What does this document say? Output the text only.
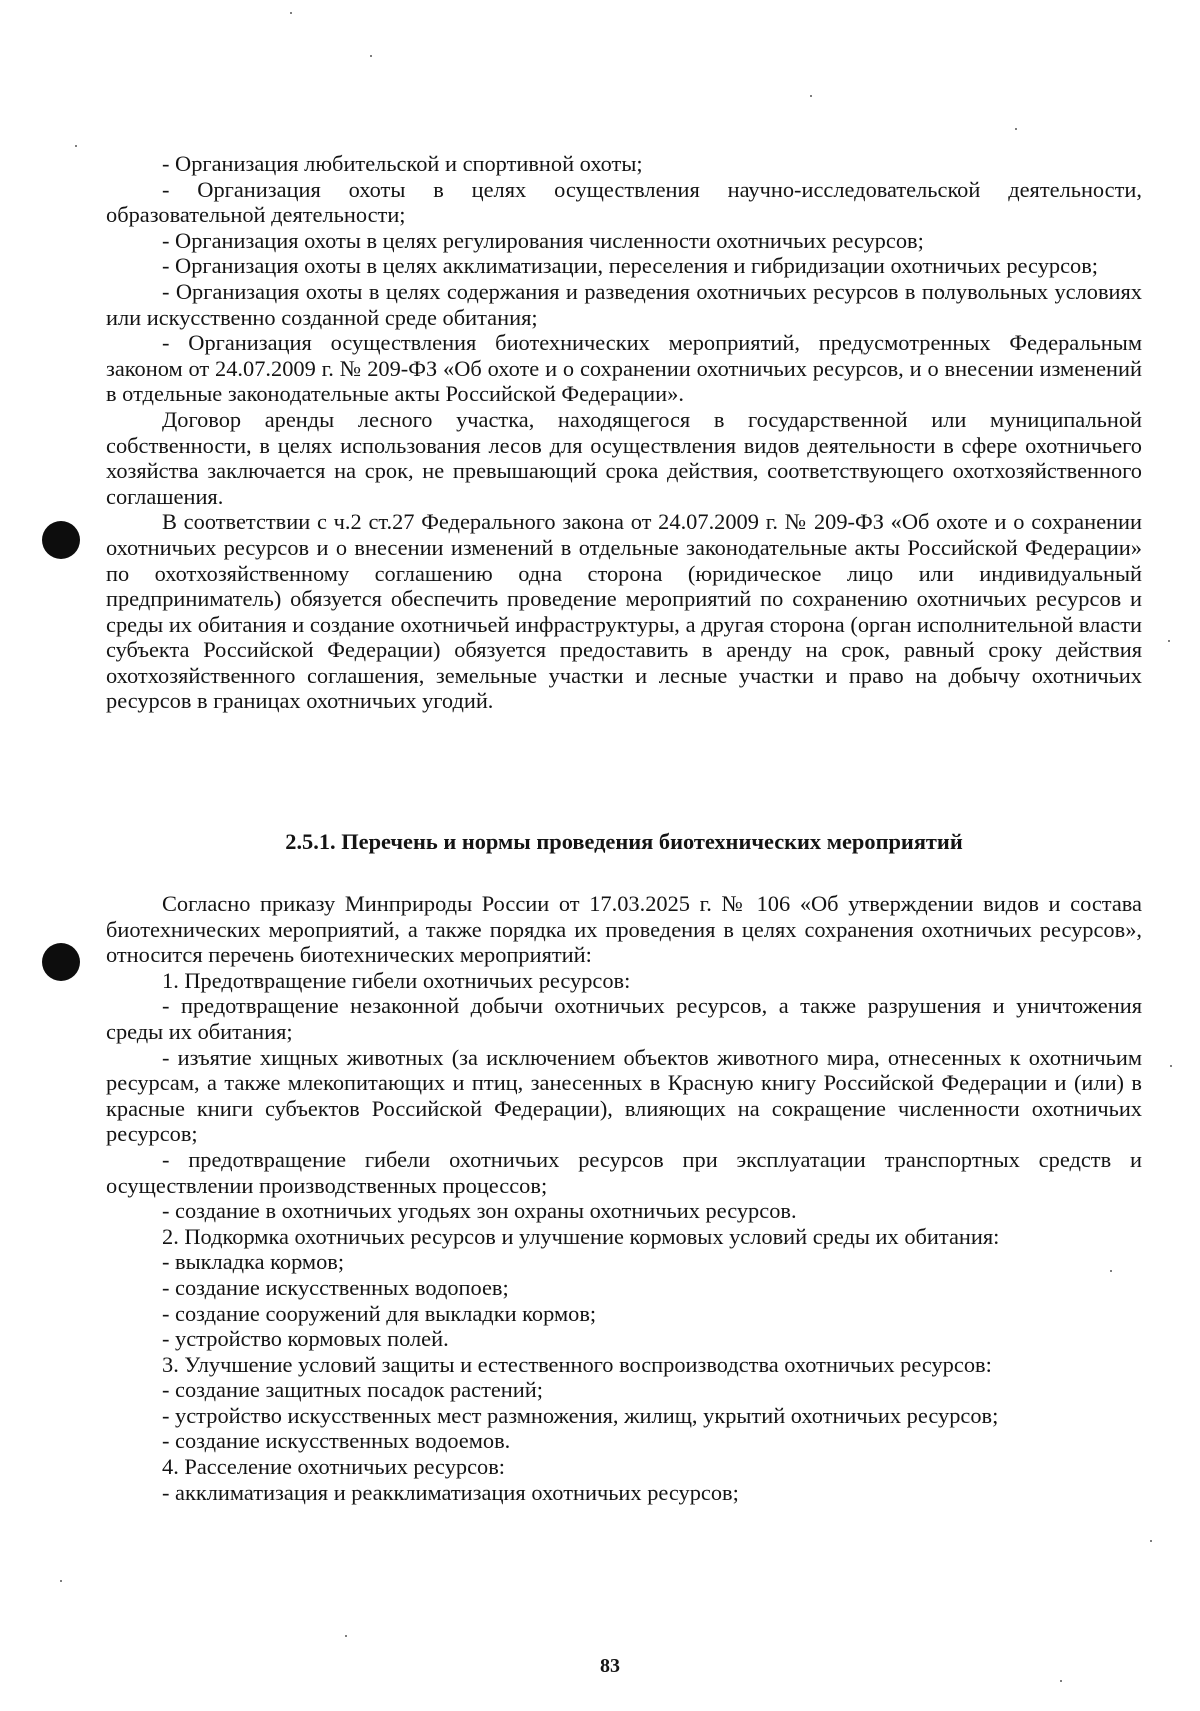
- Организация любительской и спортивной охоты;

- Организация охоты в целях осуществления научно-исследовательской деятельности, образовательной деятельности;

- Организация охоты в целях регулирования численности охотничьих ресурсов;

- Организация охоты в целях акклиматизации, переселения и гибридизации охотничьих ресурсов;

- Организация охоты в целях содержания и разведения охотничьих ресурсов в полувольных условиях или искусственно созданной среде обитания;

- Организация осуществления биотехнических мероприятий, предусмотренных Федеральным законом от 24.07.2009 г. № 209-ФЗ «Об охоте и о сохранении охотничьих ресурсов, и о внесении изменений в отдельные законодательные акты Российской Федерации».

Договор аренды лесного участка, находящегося в государственной или муниципальной собственности, в целях использования лесов для осуществления видов деятельности в сфере охотничьего хозяйства заключается на срок, не превышающий срока действия, соответствующего охотхозяйственного соглашения.

В соответствии с ч.2 ст.27 Федерального закона от 24.07.2009 г. № 209-ФЗ «Об охоте и о сохранении охотничьих ресурсов и о внесении изменений в отдельные законодательные акты Российской Федерации» по охотхозяйственному соглашению одна сторона (юридическое лицо или индивидуальный предприниматель) обязуется обеспечить проведение мероприятий по сохранению охотничьих ресурсов и среды их обитания и создание охотничьей инфраструктуры, а другая сторона (орган исполнительной власти субъекта Российской Федерации) обязуется предоставить в аренду на срок, равный сроку действия охотхозяйственного соглашения, земельные участки и лесные участки и право на добычу охотничьих ресурсов в границах охотничьих угодий.

2.5.1. Перечень и нормы проведения биотехнических мероприятий

Согласно приказу Минприроды России от 17.03.2025 г. № 106 «Об утверждении видов и состава биотехнических мероприятий, а также порядка их проведения в целях сохранения охотничьих ресурсов», относится перечень биотехнических мероприятий:

1. Предотвращение гибели охотничьих ресурсов:

- предотвращение незаконной добычи охотничьих ресурсов, а также разрушения и уничтожения среды их обитания;

- изъятие хищных животных (за исключением объектов животного мира, отнесенных к охотничьим ресурсам, а также млекопитающих и птиц, занесенных в Красную книгу Российской Федерации и (или) в красные книги субъектов Российской Федерации), влияющих на сокращение численности охотничьих ресурсов;

- предотвращение гибели охотничьих ресурсов при эксплуатации транспортных средств и осуществлении производственных процессов;

- создание в охотничьих угодьях зон охраны охотничьих ресурсов.

2. Подкормка охотничьих ресурсов и улучшение кормовых условий среды их обитания:

- выкладка кормов;

- создание искусственных водопоев;

- создание сооружений для выкладки кормов;

- устройство кормовых полей.

3. Улучшение условий защиты и естественного воспроизводства охотничьих ресурсов:

- создание защитных посадок растений;

- устройство искусственных мест размножения, жилищ, укрытий охотничьих ресурсов;

- создание искусственных водоемов.

4. Расселение охотничьих ресурсов:

- акклиматизация и реакклиматизация охотничьих ресурсов;

83
